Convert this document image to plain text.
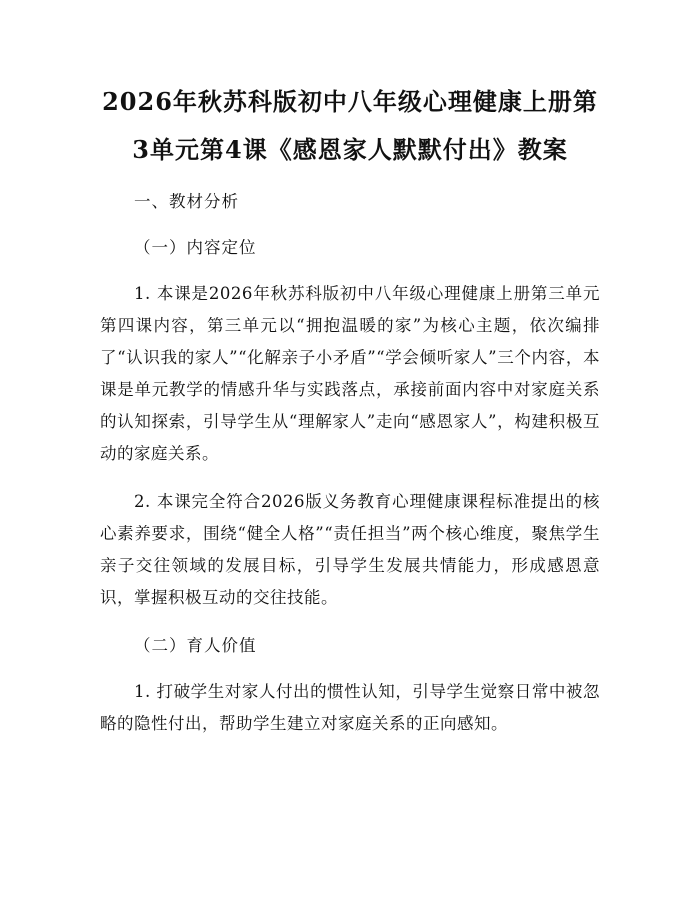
2026年秋苏科版初中八年级心理健康上册第

3单元第4课《感恩家人默默付出》教案

一、教材分析

（一）内容定位

1. 本课是2026年秋苏科版初中八年级心理健康上册第三单元第四课内容，第三单元以“拥抱温暖的家”为核心主题，依次编排了“认识我的家人”“化解亲子小矛盾”“学会倾听家人”三个内容，本课是单元教学的情感升华与实践落点，承接前面内容中对家庭关系的认知探索，引导学生从“理解家人”走向“感恩家人”，构建积极互动的家庭关系。

2. 本课完全符合2026版义务教育心理健康课程标准提出的核心素养要求，围绕“健全人格”“责任担当”两个核心维度，聚焦学生亲子交往领域的发展目标，引导学生发展共情能力，形成感恩意识，掌握积极互动的交往技能。

（二）育人价值

1. 打破学生对家人付出的惯性认知，引导学生觉察日常中被忽略的隐性付出，帮助学生建立对家庭关系的正向感知。
